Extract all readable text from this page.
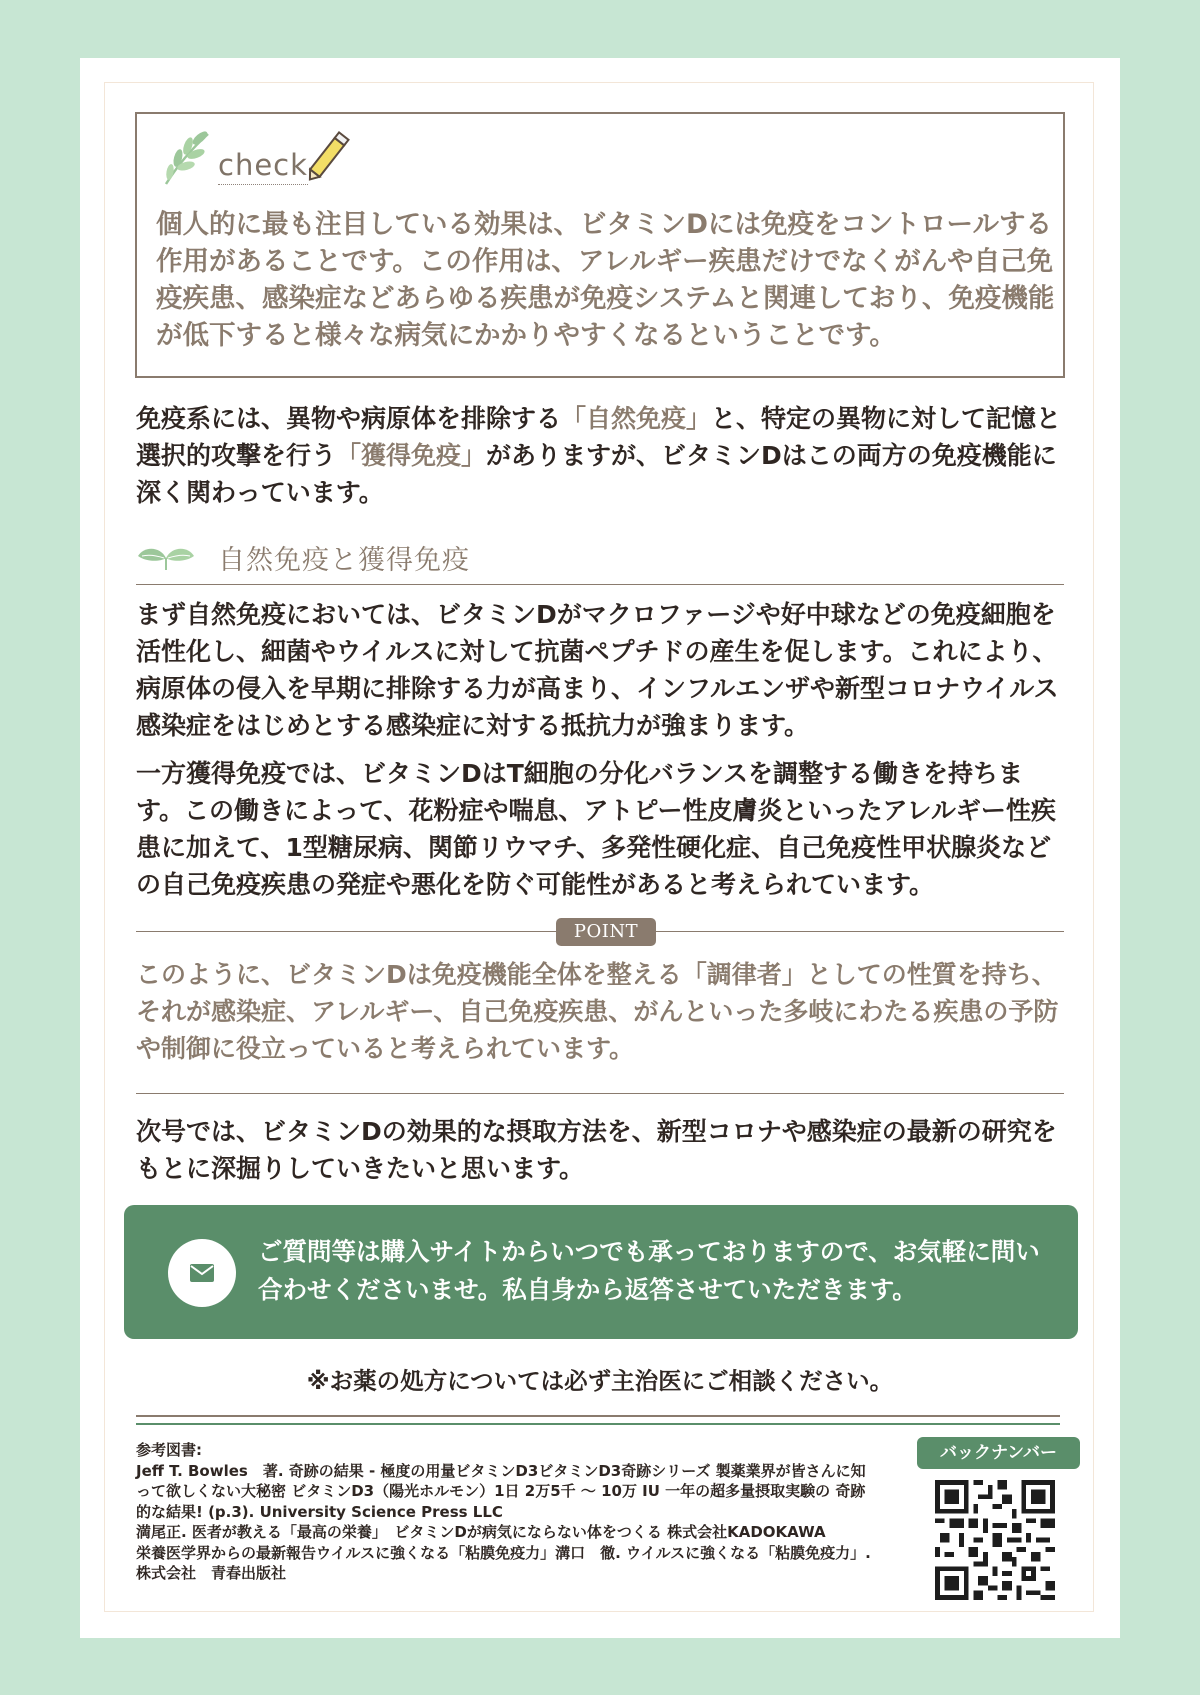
check

個人的に最も注目している効果は、ビタミンDには免疫をコントロールする作用があることです。この作用は、アレルギー疾患だけでなくがんや自己免疫疾患、感染症などあらゆる疾患が免疫システムと関連しており、免疫機能が低下すると様々な病気にかかりやすくなるということです。

免疫系には、異物や病原体を排除する「自然免疫」と、特定の異物に対して記憶と選択的攻撃を行う「獲得免疫」がありますが、ビタミンDはこの両方の免疫機能に深く関わっています。

自然免疫と獲得免疫

まず自然免疫においては、ビタミンDがマクロファージや好中球などの免疫細胞を活性化し、細菌やウイルスに対して抗菌ペプチドの産生を促します。これにより、病原体の侵入を早期に排除する力が高まり、インフルエンザや新型コロナウイルス感染症をはじめとする感染症に対する抵抗力が強まります。

一方獲得免疫では、ビタミンDはT細胞の分化バランスを調整する働きを持ちます。この働きによって、花粉症や喘息、アトピー性皮膚炎といったアレルギー性疾患に加えて、1型糖尿病、関節リウマチ、多発性硬化症、自己免疫性甲状腺炎などの自己免疫疾患の発症や悪化を防ぐ可能性があると考えられています。

POINT

このように、ビタミンDは免疫機能全体を整える「調律者」としての性質を持ち、それが感染症、アレルギー、自己免疫疾患、がんといった多岐にわたる疾患の予防や制御に役立っていると考えられています。

次号では、ビタミンDの効果的な摂取方法を、新型コロナや感染症の最新の研究をもとに深掘りしていきたいと思います。

ご質問等は購入サイトからいつでも承っておりますので、お気軽に問い合わせくださいませ。私自身から返答させていただきます。

※お薬の処方については必ず主治医にご相談ください。

参考図書:
Jeff T. Bowles　著. 奇跡の結果 - 極度の用量ビタミンD3ビタミンD3奇跡シリーズ 製薬業界が皆さんに知って欲しくない大秘密 ビタミンD3（陽光ホルモン）1日 2万5千 ～ 10万 IU 一年の超多量摂取実験の 奇跡的な結果! (p.3). University Science Press LLC
満尾正. 医者が教える「最高の栄養」　ビタミンDが病気にならない体をつくる 株式会社KADOKAWA
栄養医学界からの最新報告ウイルスに強くなる「粘膜免疫力」溝口　徹. ウイルスに強くなる「粘膜免疫力」. 株式会社　青春出版社

バックナンバー
